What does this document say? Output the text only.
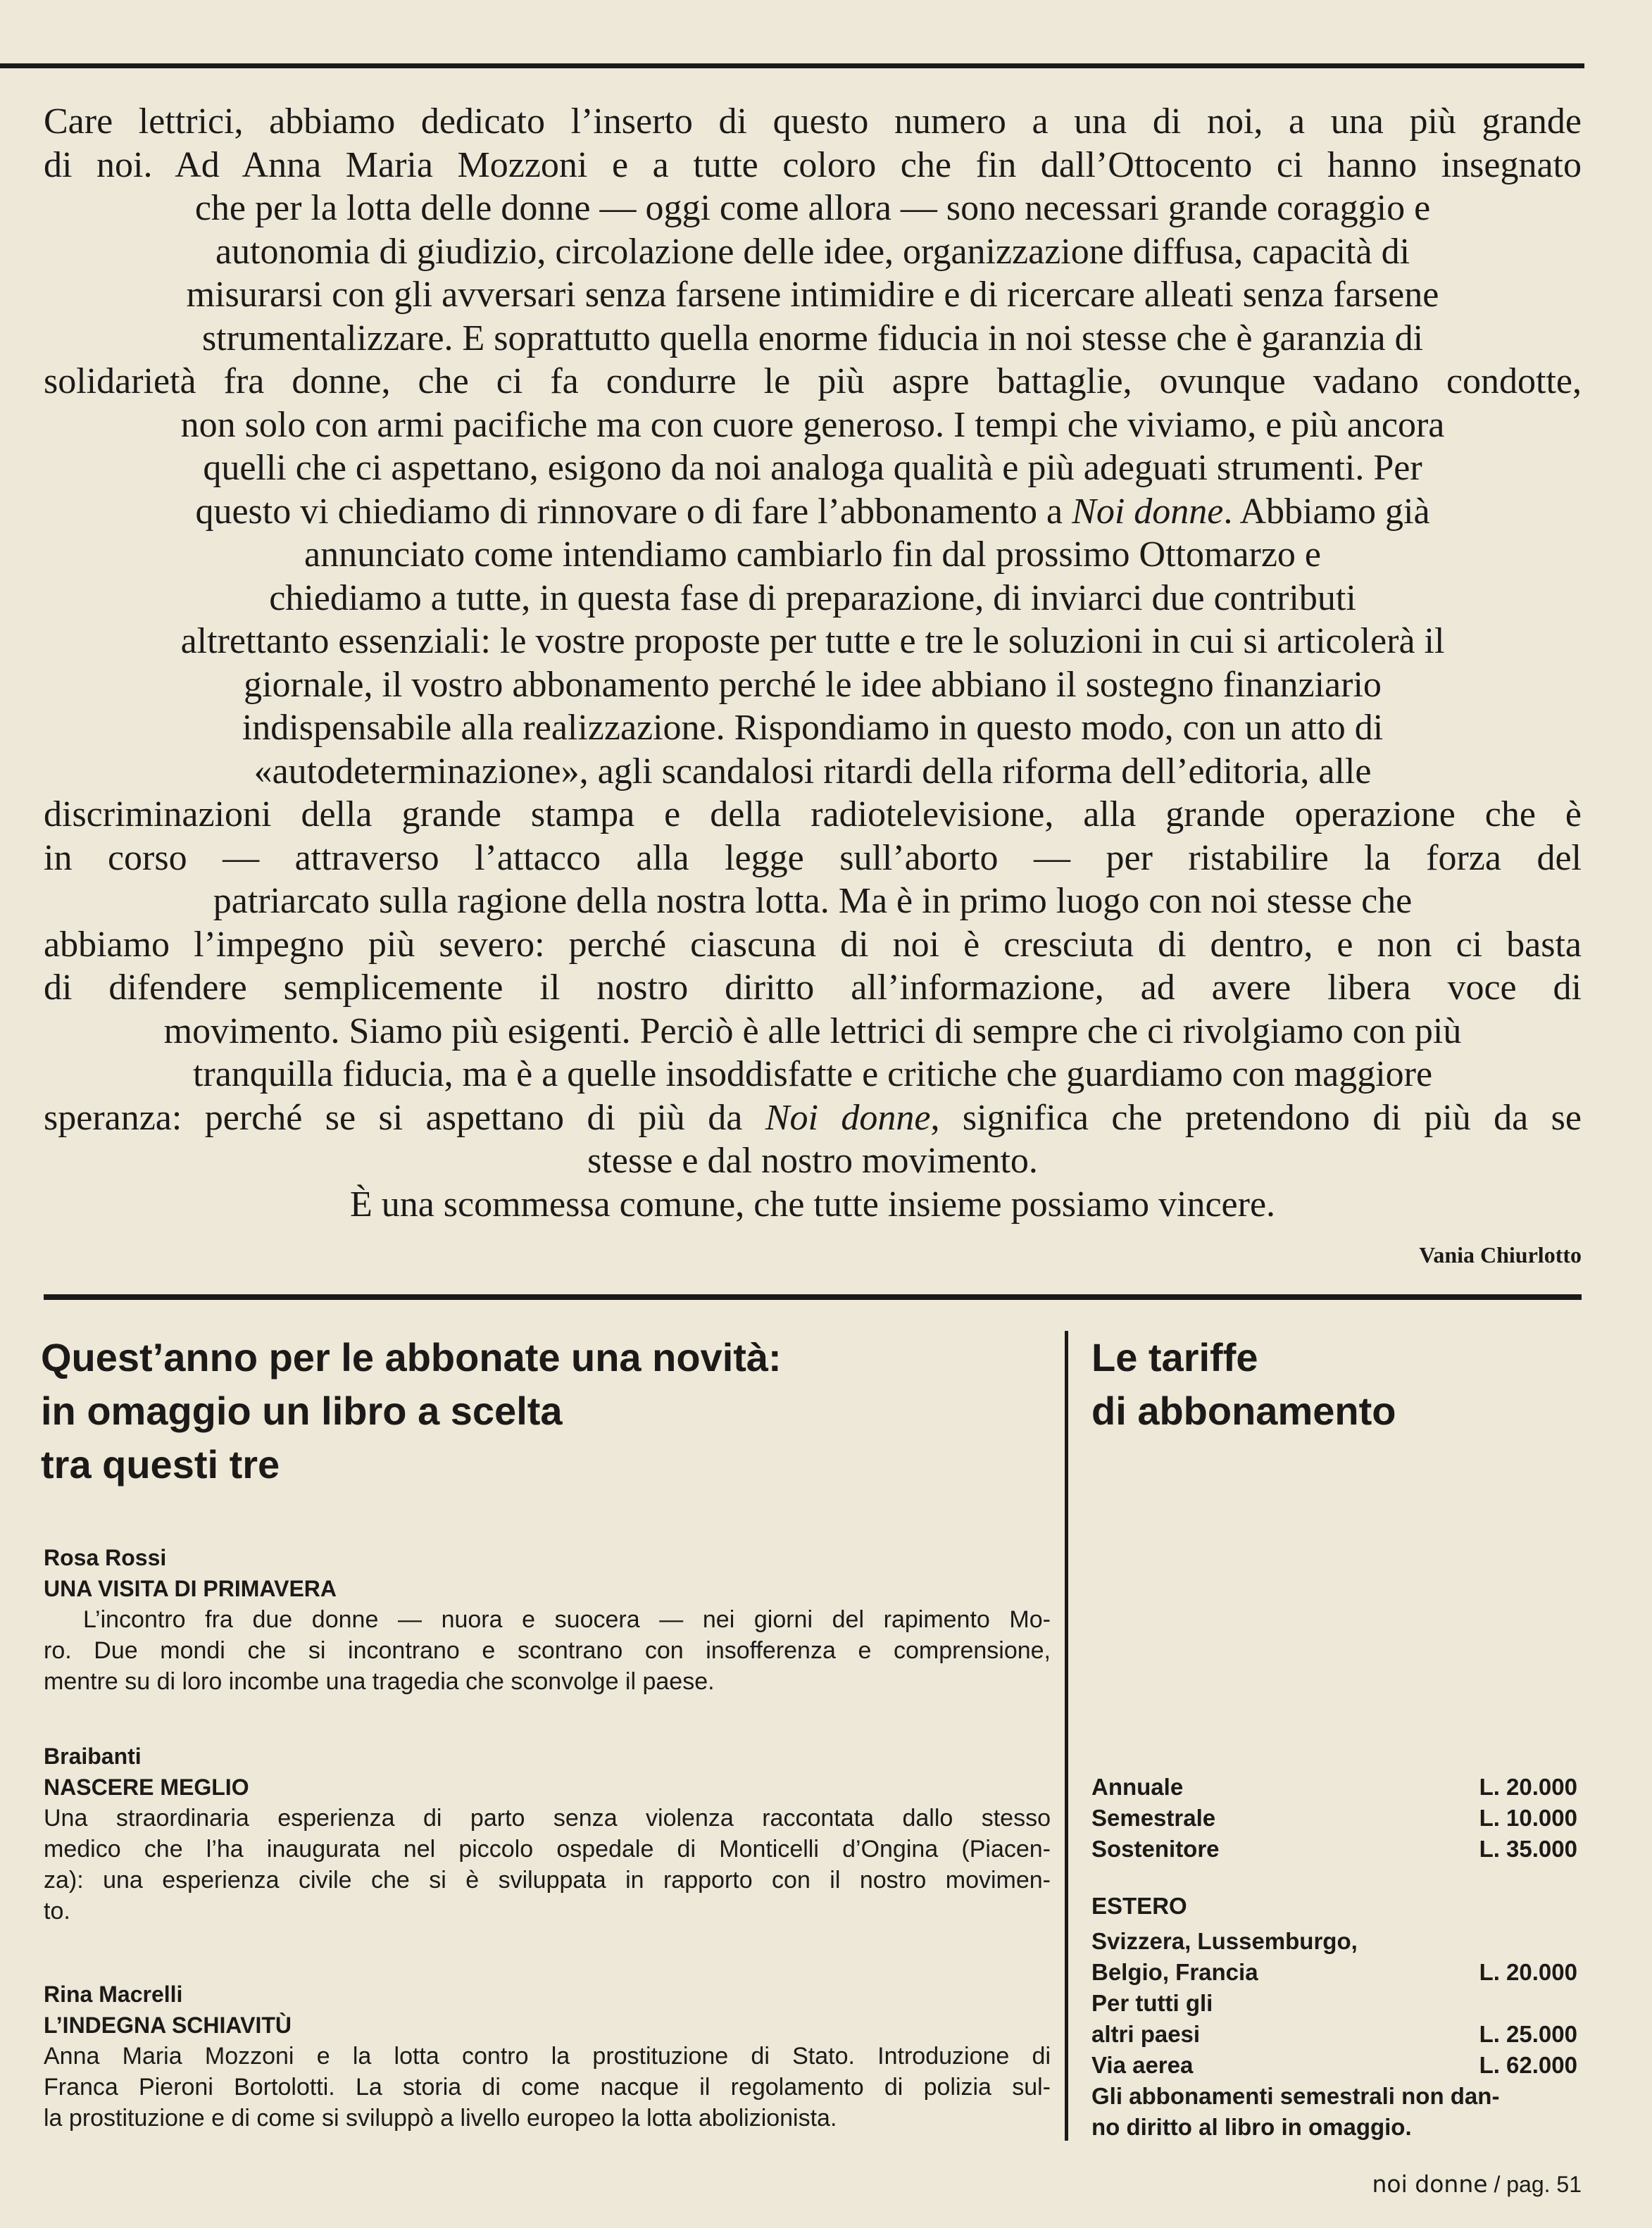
Care lettrici, abbiamo dedicato l’inserto di questo numero a una di noi, a una più grande
di noi. Ad Anna Maria Mozzoni e a tutte coloro che fin dall’Ottocento ci hanno insegnato
che per la lotta delle donne — oggi come allora — sono necessari grande coraggio e
autonomia di giudizio, circolazione delle idee, organizzazione diffusa, capacità di
misurarsi con gli avversari senza farsene intimidire e di ricercare alleati senza farsene
strumentalizzare. E soprattutto quella enorme fiducia in noi stesse che è garanzia di
solidarietà fra donne, che ci fa condurre le più aspre battaglie, ovunque vadano condotte,
non solo con armi pacifiche ma con cuore generoso. I tempi che viviamo, e più ancora
quelli che ci aspettano, esigono da noi analoga qualità e più adeguati strumenti. Per
questo vi chiediamo di rinnovare o di fare l’abbonamento a Noi donne. Abbiamo già
annunciato come intendiamo cambiarlo fin dal prossimo Ottomarzo e
chiediamo a tutte, in questa fase di preparazione, di inviarci due contributi
altrettanto essenziali: le vostre proposte per tutte e tre le soluzioni in cui si articolerà il
giornale, il vostro abbonamento perché le idee abbiano il sostegno finanziario
indispensabile alla realizzazione. Rispondiamo in questo modo, con un atto di
«autodeterminazione», agli scandalosi ritardi della riforma dell’editoria, alle
discriminazioni della grande stampa e della radiotelevisione, alla grande operazione che è
in corso — attraverso l’attacco alla legge sull’aborto — per ristabilire la forza del
patriarcato sulla ragione della nostra lotta. Ma è in primo luogo con noi stesse che
abbiamo l’impegno più severo: perché ciascuna di noi è cresciuta di dentro, e non ci basta
di difendere semplicemente il nostro diritto all’informazione, ad avere libera voce di
movimento. Siamo più esigenti. Perciò è alle lettrici di sempre che ci rivolgiamo con più
tranquilla fiducia, ma è a quelle insoddisfatte e critiche che guardiamo con maggiore
speranza: perché se si aspettano di più da Noi donne, significa che pretendono di più da se
stesse e dal nostro movimento.
È una scommessa comune, che tutte insieme possiamo vincere.
Vania Chiurlotto
Quest’anno per le abbonate una novità:
in omaggio un libro a scelta
tra questi tre
Rosa Rossi
UNA VISITA DI PRIMAVERA
L’incontro fra due donne — nuora e suocera — nei giorni del rapimento Mo-
ro. Due mondi che si incontrano e scontrano con insofferenza e comprensione,
mentre su di loro incombe una tragedia che sconvolge il paese.
Braibanti
NASCERE MEGLIO
Una straordinaria esperienza di parto senza violenza raccontata dallo stesso
medico che l’ha inaugurata nel piccolo ospedale di Monticelli d’Ongina (Piacen-
za): una esperienza civile che si è sviluppata in rapporto con il nostro movimen-
to.
Rina Macrelli
L’INDEGNA SCHIAVITÙ
Anna Maria Mozzoni e la lotta contro la prostituzione di Stato. Introduzione di
Franca Pieroni Bortolotti. La storia di come nacque il regolamento di polizia sul-
la prostituzione e di come si sviluppò a livello europeo la lotta abolizionista.
Le tariffe
di abbonamento
Annuale	L. 20.000
Semestrale	L. 10.000
Sostenitore	L. 35.000
ESTERO
Svizzera, Lussemburgo,
Belgio, Francia	L. 20.000
Per tutti gli
altri paesi	L. 25.000
Via aerea	L. 62.000
Gli abbonamenti semestrali non dan-
no diritto al libro in omaggio.
noi donne / pag. 51
